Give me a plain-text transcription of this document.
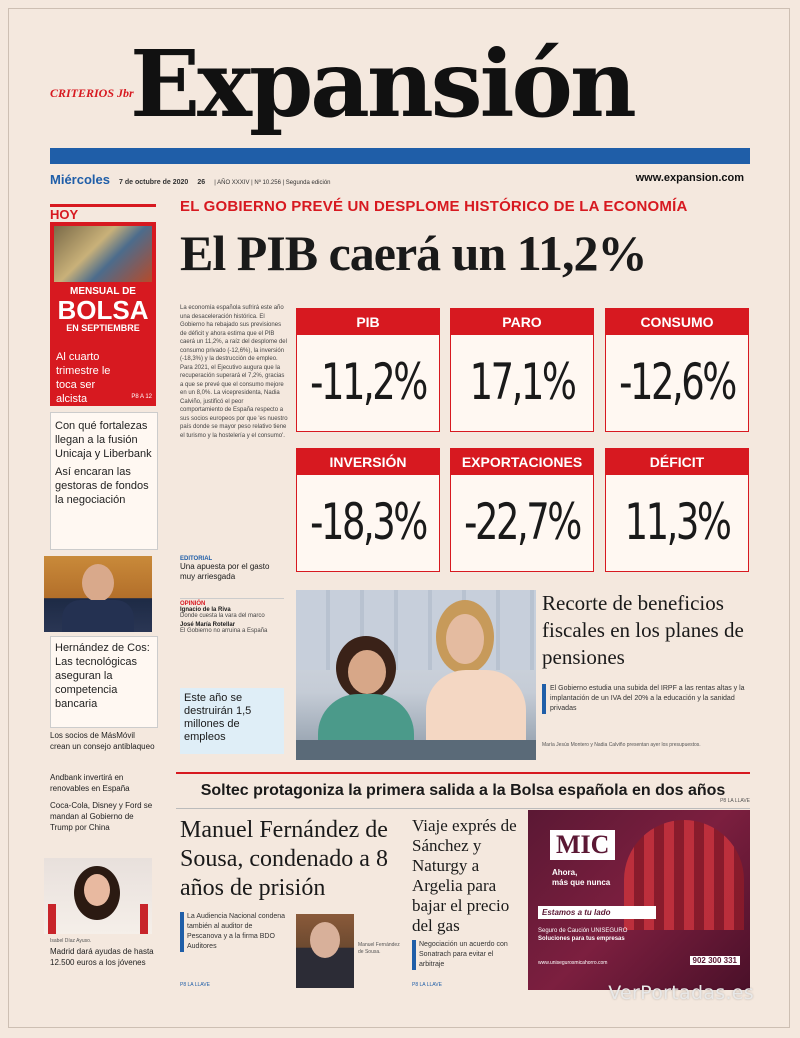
CRITERIOS Jbr
Expansión
Miércoles 7 de octubre de 2020 26 | AÑO XXXIV | Nº 10.256 | Segunda edición	www.expansion.com
EL GOBIERNO PREVÉ UN DESPLOME HISTÓRICO DE LA ECONOMÍA
El PIB caerá un 11,2%
La economía española sufrirá este año una desaceleración histórica. El Gobierno ha rebajado sus previsiones de déficit y ahora estima que el PIB caerá un 11,2%, a raíz del desplome del consumo privado (-12,6%), la inversión (-18,3%) y la destrucción de empleo. Para 2021, el Ejecutivo augura que la recuperación superará el 7,2%, gracias a que se prevé que el consumo mejore en un 8,0%. La vicepresidenta, Nadia Calviño, justificó el peor comportamiento de España respecto a sus socios europeos por que 'es nuestro país donde se mayor peso relativo tiene el turismo y la hostelería y el consumo'.
PIB
-11,2%
PARO
17,1%
CONSUMO
-12,6%
INVERSIÓN
-18,3%
EXPORTACIONES
-22,7%
DÉFICIT
11,3%
HOY
MENSUAL DE
BOLSA
EN SEPTIEMBRE
Al cuarto trimestre le toca ser alcista	P8 A 12
Con qué fortalezas llegan a la fusión Unicaja y Liberbank
Así encaran las gestoras de fondos la negociación
Hernández de Cos: Las tecnológicas aseguran la competencia bancaria
Los socios de MásMóvil crean un consejo antiblaqueo
Andbank invertirá en renovables en España
Coca-Cola, Disney y Ford se mandan al Gobierno de Trump por China
Isabel Díaz Ayuso.
Madrid dará ayudas de hasta 12.500 euros a los jóvenes
EDITORIAL
Una apuesta por el gasto muy arriesgada
OPINIÓN
Ignacio de la Riva
Donde cuesta la vara del marco
José María Rotellar
El Gobierno no arruina a España
Este año se destruirán 1,5 millones de empleos
Recorte de beneficios fiscales en los planes de pensiones
El Gobierno estudia una subida del IRPF a las rentas altas y la implantación de un IVA del 20% a la educación y la sanidad privadas
María Jesús Montero y Nadia Calviño presentan ayer los presupuestos.
Soltec protagoniza la primera salida a la Bolsa española en dos años
P8 LA LLAVE
Manuel Fernández de Sousa, condenado a 8 años de prisión
La Audiencia Nacional condena también al auditor de Pescanova y a la firma BDO Auditores
P8 LA LLAVE
Manuel Fernández de Sousa.
Viaje exprés de Sánchez y Naturgy a Argelia para bajar el precio del gas
Negociación un acuerdo con Sonatrach para evitar el arbitraje
P8 LA LLAVE
MIC
Ahora,
más que nunca
Estamos a tu lado
Seguro de Caución UNISEGURO
Soluciones para tus empresas
www.unisegurosmicahorro.com	902 300 331
VerPortadas.es
